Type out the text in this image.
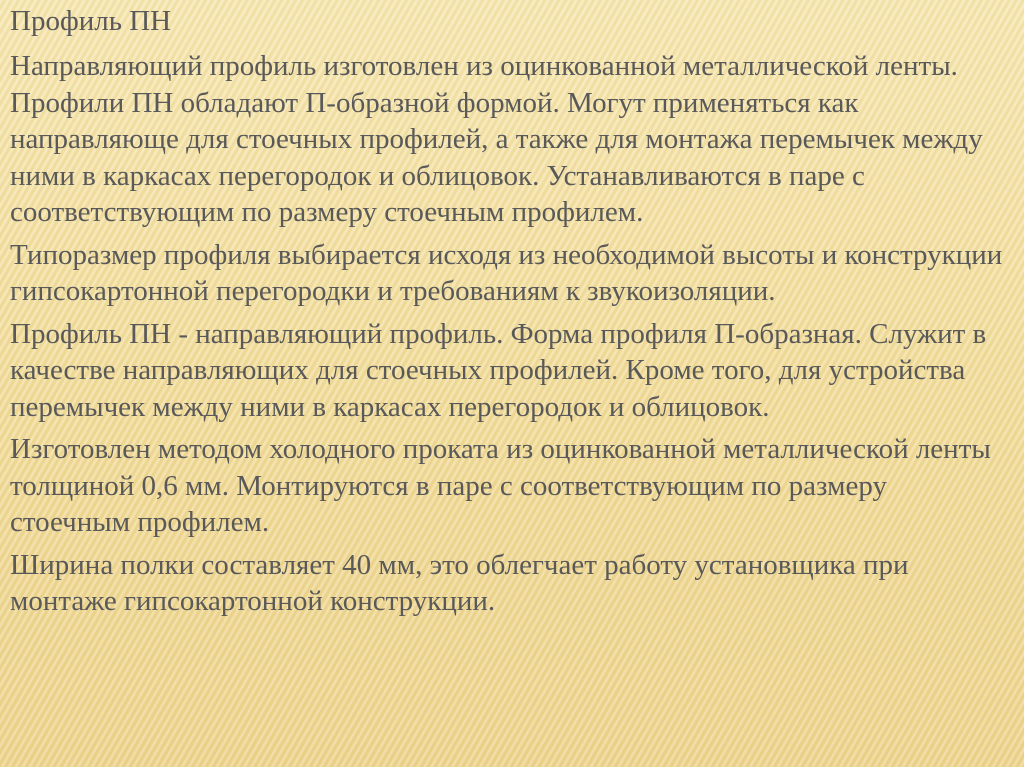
Профиль ПН

Направляющий профиль изготовлен из оцинкованной металлической ленты. Профили ПН обладают П-образной формой. Могут применяться как направляюще для стоечных профилей, а также для монтажа перемычек между ними в каркасах перегородок и облицовок. Устанавливаются в паре с соответствующим по размеру стоечным профилем.

Типоразмер профиля выбирается исходя из необходимой высоты и конструкции гипсокартонной перегородки и требованиям к звукоизоляции.

Профиль ПН - направляющий профиль. Форма профиля П-образная. Служит в качестве направляющих для стоечных профилей. Кроме того, для устройства перемычек между ними в каркасах перегородок и облицовок.

Изготовлен методом холодного проката из оцинкованной металлической ленты толщиной 0,6 мм. Монтируются в паре с соответствующим по размеру стоечным профилем.

Ширина полки составляет 40 мм, это облегчает работу установщика при монтаже гипсокартонной конструкции.
